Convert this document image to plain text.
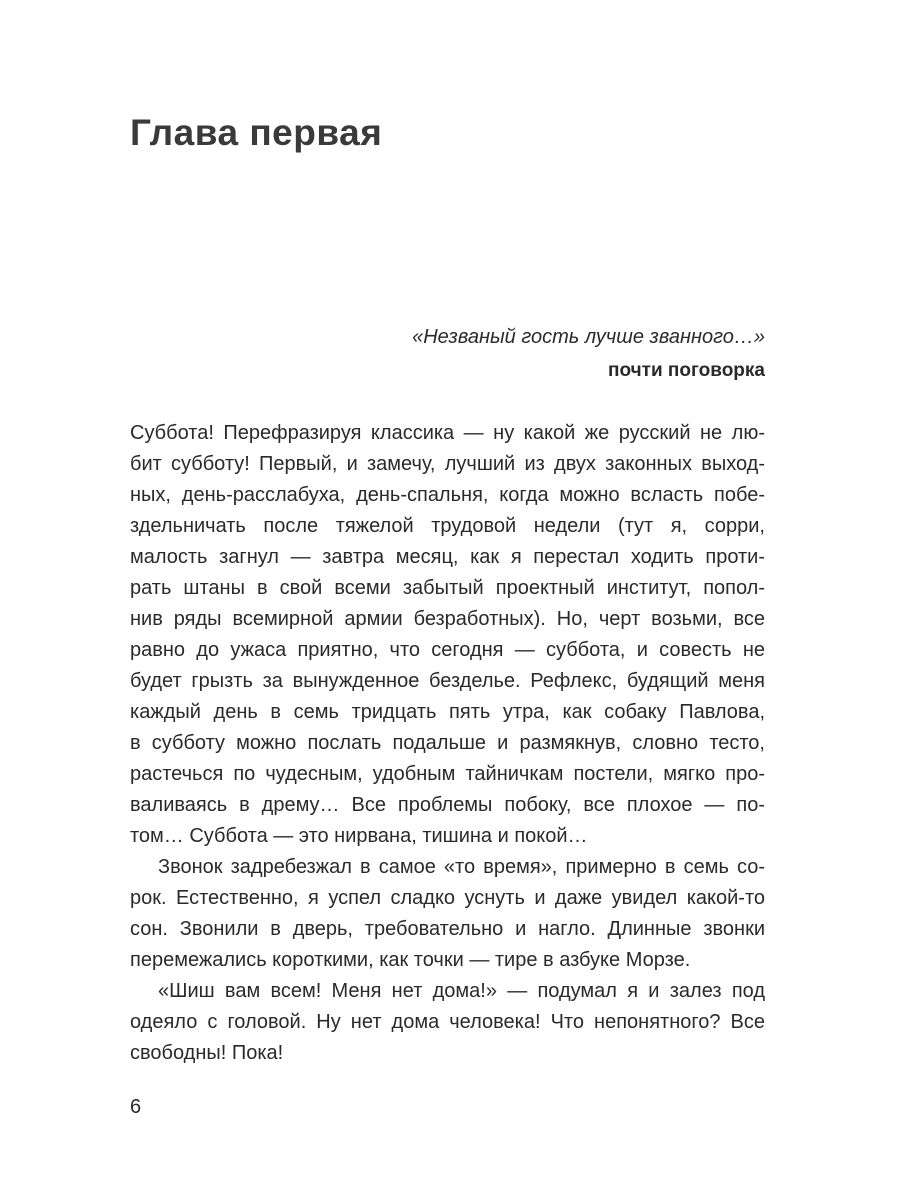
Глава первая
«Незваный гость лучше званного…»
почти поговорка
Суббота! Перефразируя классика — ну какой же русский не лю-
бит субботу! Первый, и замечу, лучший из двух законных выход-
ных, день-расслабуха, день-спальня, когда можно всласть побе-
здельничать после тяжелой трудовой недели (тут я, сорри,
малость загнул — завтра месяц, как я перестал ходить проти-
рать штаны в свой всеми забытый проектный институт, попол-
нив ряды всемирной армии безработных). Но, черт возьми, все
равно до ужаса приятно, что сегодня — суббота, и совесть не
будет грызть за вынужденное безделье. Рефлекс, будящий меня
каждый день в семь тридцать пять утра, как собаку Павлова,
в субботу можно послать подальше и размякнув, словно тесто,
растечься по чудесным, удобным тайничкам постели, мягко про-
валиваясь в дрему… Все проблемы побоку, все плохое — по-
том… Суббота — это нирвана, тишина и покой…
Звонок задребезжал в самое «то время», примерно в семь со-
рок. Естественно, я успел сладко уснуть и даже увидел какой-то
сон. Звонили в дверь, требовательно и нагло. Длинные звонки
перемежались короткими, как точки — тире в азбуке Морзе.
«Шиш вам всем! Меня нет дома!» — подумал я и залез под
одеяло с головой. Ну нет дома человека! Что непонятного? Все
свободны! Пока!
6
